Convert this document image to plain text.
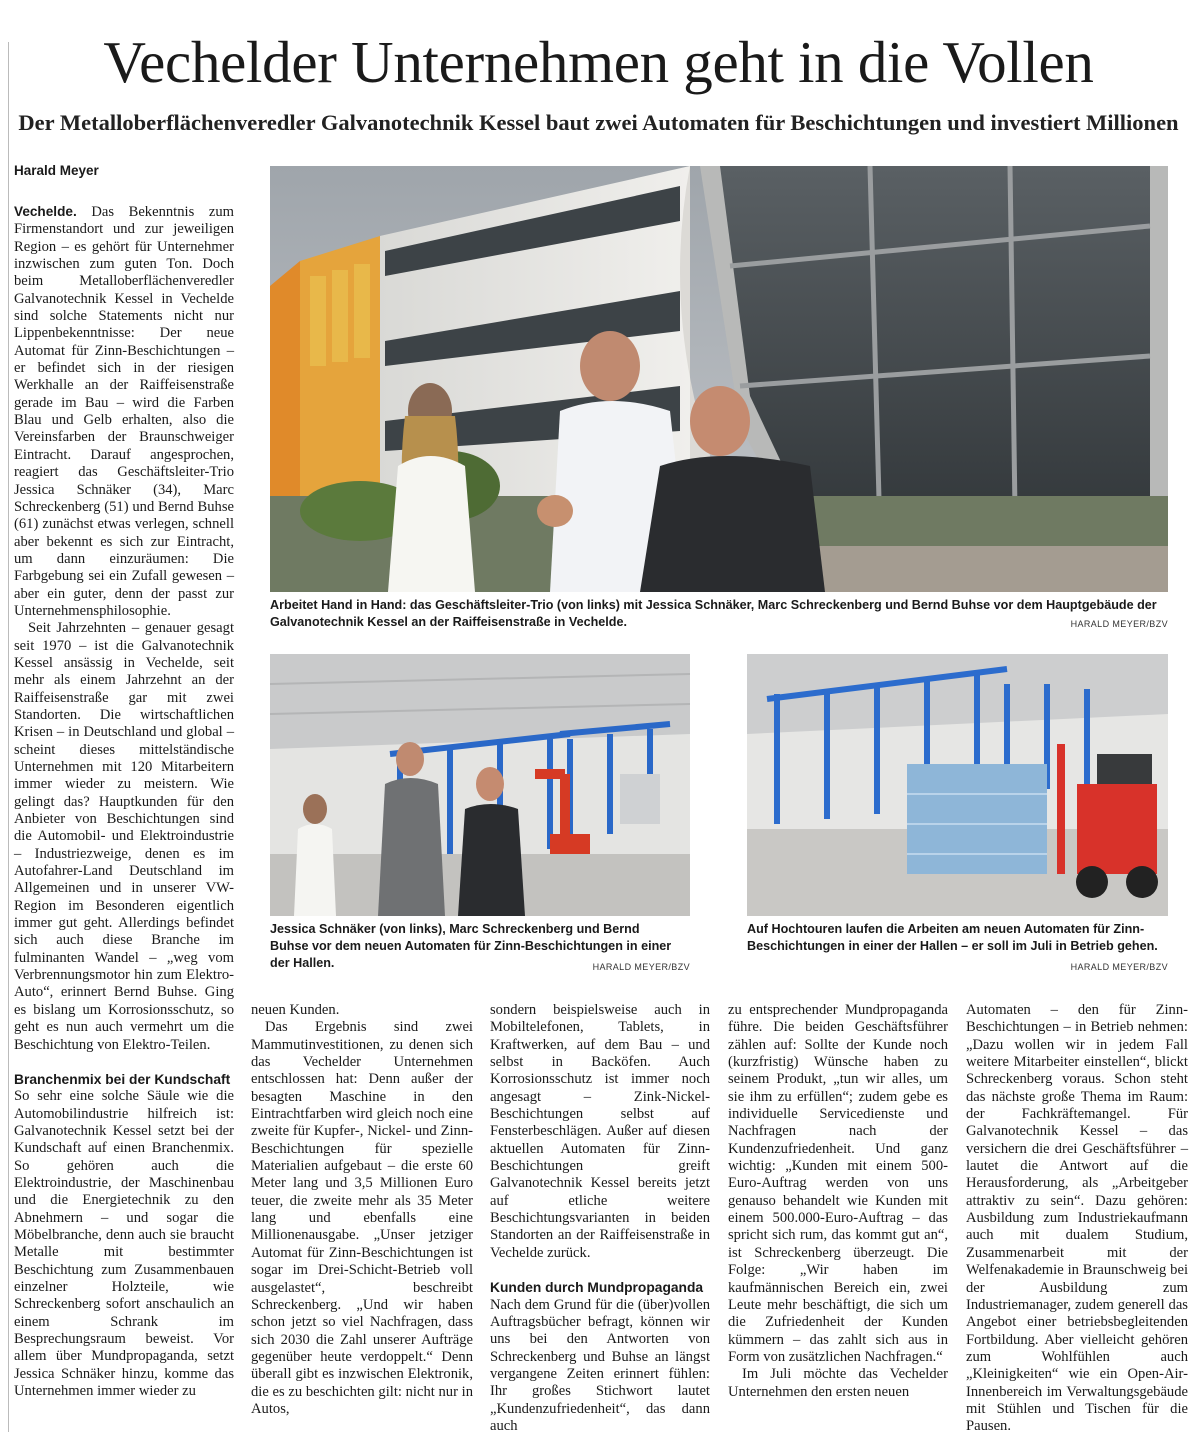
Vechelder Unternehmen geht in die Vollen
Der Metalloberflächenveredler Galvanotechnik Kessel baut zwei Automaten für Beschichtungen und investiert Millionen
Harald Meyer

Vechelde. Das Bekenntnis zum Firmenstandort und zur jeweiligen Region – es gehört für Unternehmer inzwischen zum guten Ton. Doch beim Metalloberflächenveredler Galvanotechnik Kessel in Vechelde sind solche Statements nicht nur Lippenbekenntnisse: Der neue Automat für Zinn-Beschichtungen – er befindet sich in der riesigen Werkhalle an der Raiffeisenstraße gerade im Bau – wird die Farben Blau und Gelb erhalten, also die Vereinsfarben der Braunschweiger Eintracht. Darauf angesprochen, reagiert das Geschäftsleiter-Trio Jessica Schnäker (34), Marc Schreckenberg (51) und Bernd Buhse (61) zunächst etwas verlegen, schnell aber bekennt es sich zur Eintracht, um dann einzuräumen: Die Farbgebung sei ein Zufall gewesen – aber ein guter, denn der passt zur Unternehmensphilosophie.

Seit Jahrzehnten – genauer gesagt seit 1970 – ist die Galvanotechnik Kessel ansässig in Vechelde, seit mehr als einem Jahrzehnt an der Raiffeisenstraße gar mit zwei Standorten. Die wirtschaftlichen Krisen – in Deutschland und global – scheint dieses mittelständische Unternehmen mit 120 Mitarbeitern immer wieder zu meistern. Wie gelingt das? Hauptkunden für den Anbieter von Beschichtungen sind die Automobil- und Elektroindustrie – Industriezweige, denen es im Autofahrer-Land Deutschland im Allgemeinen und in unserer VW-Region im Besonderen eigentlich immer gut geht. Allerdings befindet sich auch diese Branche im fulminanten Wandel – „weg vom Verbrennungsmotor hin zum Elektro-Auto“, erinnert Bernd Buhse. Ging es bislang um Korrosionsschutz, so geht es nun auch vermehrt um die Beschichtung von Elektro-Teilen.

Branchenmix bei der Kundschaft

So sehr eine solche Säule wie die Automobilindustrie hilfreich ist: Galvanotechnik Kessel setzt bei der Kundschaft auf einen Branchenmix. So gehören auch die Elektroindustrie, der Maschinenbau und die Energietechnik zu den Abnehmern – und sogar die Möbelbranche, denn auch sie braucht Metalle mit bestimmter Beschichtung zum Zusammenbauen einzelner Holzteile, wie Schreckenberg sofort anschaulich an einem Schrank im Besprechungsraum beweist. Vor allem über Mundpropaganda, setzt Jessica Schnäker hinzu, komme das Unternehmen immer wieder zu

Arbeitet Hand in Hand: das Geschäftsleiter-Trio (von links) mit Jessica Schnäker, Marc Schreckenberg und Bernd Buhse vor dem Hauptgebäude der Galvanotechnik Kessel an der Raiffeisenstraße in Vechelde.	HARALD MEYER/BZV
Jessica Schnäker (von links), Marc Schreckenberg und Bernd Buhse vor dem neuen Automaten für Zinn-Beschichtungen in einer der Hallen.	HARALD MEYER/BZV
Auf Hochtouren laufen die Arbeiten am neuen Automaten für Zinn-Beschichtungen in einer der Hallen – er soll im Juli in Betrieb gehen.
HARALD MEYER/BZV

neuen Kunden.

Das Ergebnis sind zwei Mammutinvestitionen, zu denen sich das Vechelder Unternehmen entschlossen hat: Denn außer der besagten Maschine in den Eintrachtfarben wird gleich noch eine zweite für Kupfer-, Nickel- und Zinn-Beschichtungen für spezielle Materialien aufgebaut – die erste 60 Meter lang und 3,5 Millionen Euro teuer, die zweite mehr als 35 Meter lang und ebenfalls eine Millionenausgabe. „Unser jetziger Automat für Zinn-Beschichtungen ist sogar im Drei-Schicht-Betrieb voll ausgelastet“, beschreibt Schreckenberg. „Und wir haben schon jetzt so viel Nachfragen, dass sich 2030 die Zahl unserer Aufträge gegenüber heute verdoppelt.“ Denn überall gibt es inzwischen Elektronik, die es zu beschichten gilt: nicht nur in Autos,

sondern beispielsweise auch in Mobiltelefonen, Tablets, in Kraftwerken, auf dem Bau – und selbst in Backöfen. Auch Korrosionsschutz ist immer noch angesagt – Zink-Nickel-Beschichtungen selbst auf Fensterbeschlägen. Außer auf diesen aktuellen Automaten für Zinn-Beschichtungen greift Galvanotechnik Kessel bereits jetzt auf etliche weitere Beschichtungsvarianten in beiden Standorten an der Raiffeisenstraße in Vechelde zurück.

Kunden durch Mundpropaganda

Nach dem Grund für die (über)vollen Auftragsbücher befragt, können wir uns bei den Antworten von Schreckenberg und Buhse an längst vergangene Zeiten erinnert fühlen: Ihr großes Stichwort lautet „Kundenzufriedenheit“, das dann auch

zu entsprechender Mundpropaganda führe. Die beiden Geschäftsführer zählen auf: Sollte der Kunde noch (kurzfristig) Wünsche haben zu seinem Produkt, „tun wir alles, um sie ihm zu erfüllen“; zudem gebe es individuelle Servicedienste und Nachfragen nach der Kundenzufriedenheit. Und ganz wichtig: „Kunden mit einem 500-Euro-Auftrag werden von uns genauso behandelt wie Kunden mit einem 500.000-Euro-Auftrag – das spricht sich rum, das kommt gut an“, ist Schreckenberg überzeugt. Die Folge: „Wir haben im kaufmännischen Bereich ein, zwei Leute mehr beschäftigt, die sich um die Zufriedenheit der Kunden kümmern – das zahlt sich aus in Form von zusätzlichen Nachfragen.“

Im Juli möchte das Vechelder Unternehmen den ersten neuen

Automaten – den für Zinn-Beschichtungen – in Betrieb nehmen: „Dazu wollen wir in jedem Fall weitere Mitarbeiter einstellen“, blickt Schreckenberg voraus. Schon steht das nächste große Thema im Raum: der Fachkräftemangel. Für Galvanotechnik Kessel – das versichern die drei Geschäftsführer – lautet die Antwort auf die Herausforderung, als „Arbeitgeber attraktiv zu sein“. Dazu gehören: Ausbildung zum Industriekaufmann auch mit dualem Studium, Zusammenarbeit mit der Welfenakademie in Braunschweig bei der Ausbildung zum Industriemanager, zudem generell das Angebot einer betriebsbegleitenden Fortbildung. Aber vielleicht gehören zum Wohlfühlen auch „Kleinigkeiten“ wie ein Open-Air-Innenbereich im Verwaltungsgebäude mit Stühlen und Tischen für die Pausen.
